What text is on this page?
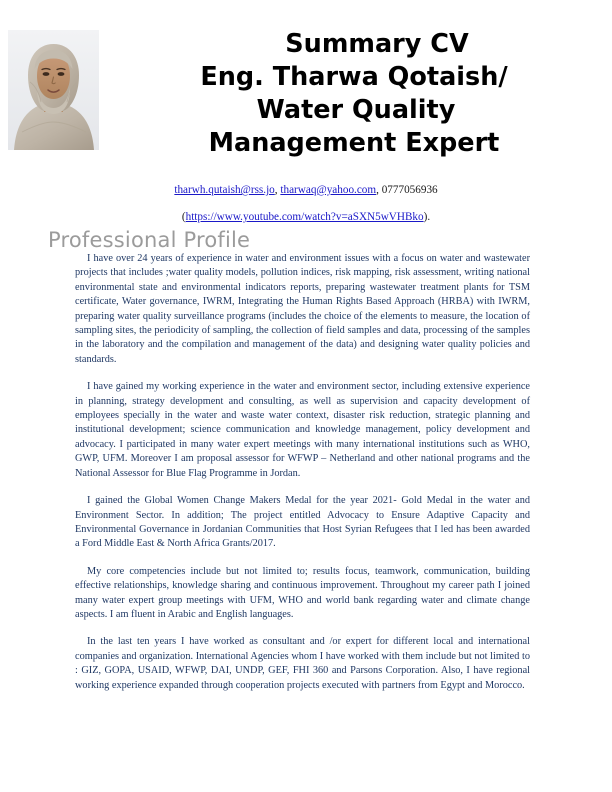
Summary CV
Eng. Tharwa Qotaish/
Water Quality
Management Expert
tharwh.qutaish@rss.jo, tharwaq@yahoo.com, 0777056936
(https://www.youtube.com/watch?v=aSXN5wVHBko).
Professional Profile

I have over 24 years of experience in water and environment issues with a focus on water and wastewater projects that includes ;water quality models, pollution indices, risk mapping, risk assessment, writing national environmental state and environmental indicators reports, preparing wastewater treatment plants for TSM certificate, Water governance, IWRM, Integrating the Human Rights Based Approach (HRBA) with IWRM, preparing water quality surveillance programs (includes the choice of the elements to measure, the location of sampling sites, the periodicity of sampling, the collection of field samples and data, processing of the samples in the laboratory and the compilation and management of the data) and designing water quality policies and standards.

I have gained my working experience in the water and environment sector, including extensive experience in planning, strategy development and consulting, as well as supervision and capacity development of employees specially in the water and waste water context, disaster risk reduction, strategic planning and institutional development; science communication and knowledge management, policy development and advocacy. I participated in many water expert meetings with many international institutions such as WHO, GWP, UFM. Moreover I am proposal assessor for WFWP – Netherland and other national programs and the National Assessor for Blue Flag Programme in Jordan.

I gained the Global Women Change Makers Medal for the year 2021- Gold Medal in the water and Environment Sector. In addition; The project entitled Advocacy to Ensure Adaptive Capacity and Environmental Governance in Jordanian Communities that Host Syrian Refugees that I led has been awarded a Ford Middle East & North Africa Grants/2017.

My core competencies include but not limited to; results focus, teamwork, communication, building effective relationships, knowledge sharing and continuous improvement. Throughout my career path I joined many water expert group meetings with UFM, WHO and world bank regarding water and climate change aspects. I am fluent in Arabic and English languages.

In the last ten years I have worked as consultant and /or expert for different local and international companies and organization. International Agencies whom I have worked with them include but not limited to : GIZ, GOPA, USAID, WFWP, DAI, UNDP, GEF, FHI 360 and Parsons Corporation. Also, I have regional working experience expanded through cooperation projects executed with partners from Egypt and Morocco.
